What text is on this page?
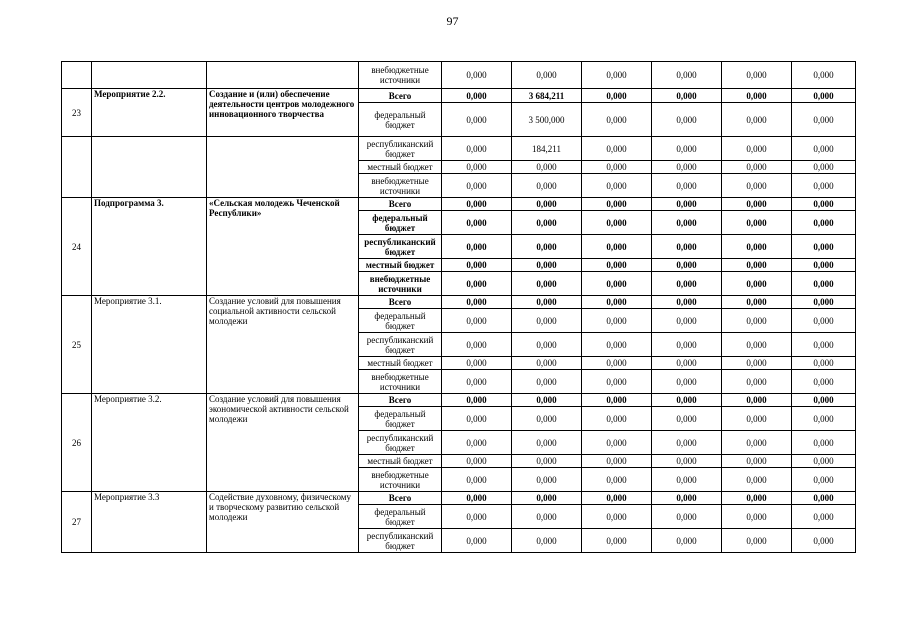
97
			внебюджетные источники	0,000	0,000	0,000	0,000	0,000	0,000
23	Мероприятие 2.2.	Создание и (или) обеспечение деятельности центров молодежного инновационного творчества	Всего	0,000	3 684,211	0,000	0,000	0,000	0,000
			федеральный бюджет	0,000	3 500,000	0,000	0,000	0,000	0,000
			республиканский бюджет	0,000	184,211	0,000	0,000	0,000	0,000
			местный бюджет	0,000	0,000	0,000	0,000	0,000	0,000
			внебюджетные источники	0,000	0,000	0,000	0,000	0,000	0,000
24	Подпрограмма 3.	«Сельская молодежь Чеченской Республики»	Всего	0,000	0,000	0,000	0,000	0,000	0,000
			федеральный бюджет	0,000	0,000	0,000	0,000	0,000	0,000
			республиканский бюджет	0,000	0,000	0,000	0,000	0,000	0,000
			местный бюджет	0,000	0,000	0,000	0,000	0,000	0,000
			внебюджетные источники	0,000	0,000	0,000	0,000	0,000	0,000
25	Мероприятие 3.1.	Создание условий для повышения социальной активности сельской молодежи	Всего	0,000	0,000	0,000	0,000	0,000	0,000
			федеральный бюджет	0,000	0,000	0,000	0,000	0,000	0,000
			республиканский бюджет	0,000	0,000	0,000	0,000	0,000	0,000
			местный бюджет	0,000	0,000	0,000	0,000	0,000	0,000
			внебюджетные источники	0,000	0,000	0,000	0,000	0,000	0,000
26	Мероприятие 3.2.	Создание условий для повышения экономической активности сельской молодежи	Всего	0,000	0,000	0,000	0,000	0,000	0,000
			федеральный бюджет	0,000	0,000	0,000	0,000	0,000	0,000
			республиканский бюджет	0,000	0,000	0,000	0,000	0,000	0,000
			местный бюджет	0,000	0,000	0,000	0,000	0,000	0,000
			внебюджетные источники	0,000	0,000	0,000	0,000	0,000	0,000
27	Мероприятие 3.3	Содействие духовному, физическому и творческому развитию сельской молодежи	Всего	0,000	0,000	0,000	0,000	0,000	0,000
			федеральный бюджет	0,000	0,000	0,000	0,000	0,000	0,000
			республиканский бюджет	0,000	0,000	0,000	0,000	0,000	0,000
